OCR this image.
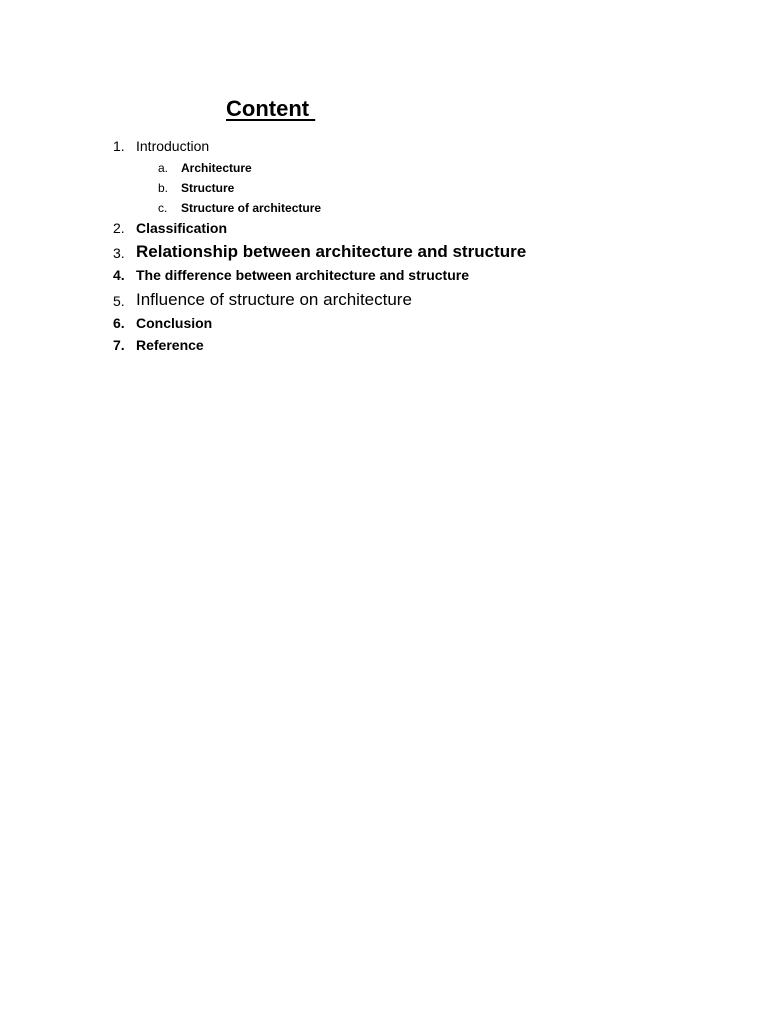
Content
1. Introduction
a. Architecture
b. Structure
c. Structure of architecture
2. Classification
3. Relationship between architecture and structure
4. The difference between architecture and structure
5. Influence of structure on architecture
6. Conclusion
7. Reference
